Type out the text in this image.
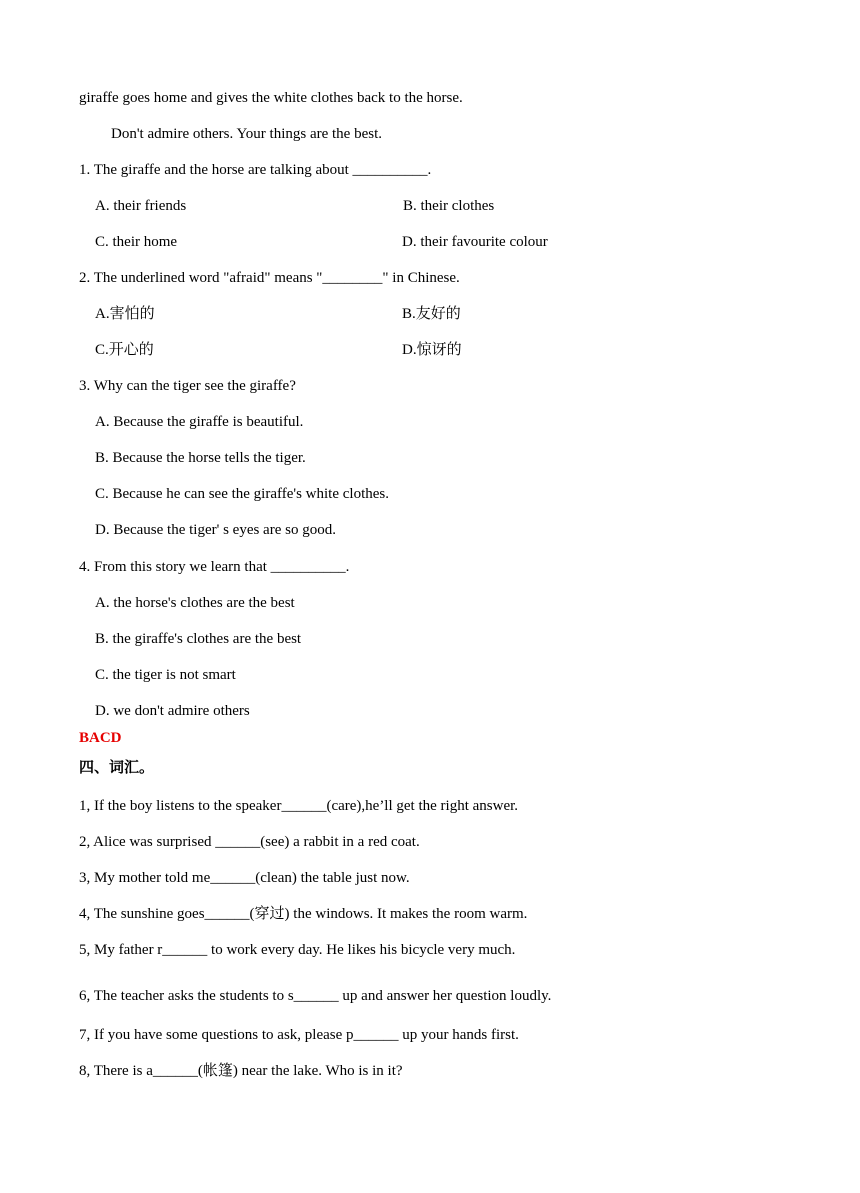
giraffe goes home and gives the white clothes back to the horse.
Don't admire others. Your things are the best.
1. The giraffe and the horse are talking about __________.
A. their friends	B. their clothes
C. their home	D. their favourite colour
2. The underlined word "afraid" means "________" in Chinese.
A.害怕的	B.友好的
C.开心的	D.惊讶的
3. Why can the tiger see the giraffe?
A. Because the giraffe is beautiful.
B. Because the horse tells the tiger.
C. Because he can see the giraffe's white clothes.
D. Because the tiger' s eyes are so good.
4. From this story we learn that __________.
A. the horse's clothes are the best
B. the giraffe's clothes are the best
C. the tiger is not smart
D. we don't admire others
BACD
四、词汇。
1, If the boy listens to the speaker______(care),he’ll get the right answer.
2, Alice was surprised ______(see) a rabbit in a red coat.
3, My mother told me______(clean) the table just now.
4, The sunshine goes______(穿过) the windows. It makes the room warm.
5, My father r______ to work every day. He likes his bicycle very much.
6, The teacher asks the students to s______ up and answer her question loudly.
7, If you have some questions to ask, please p______ up your hands first.
8, There is a______(帐篷) near the lake. Who is in it?
